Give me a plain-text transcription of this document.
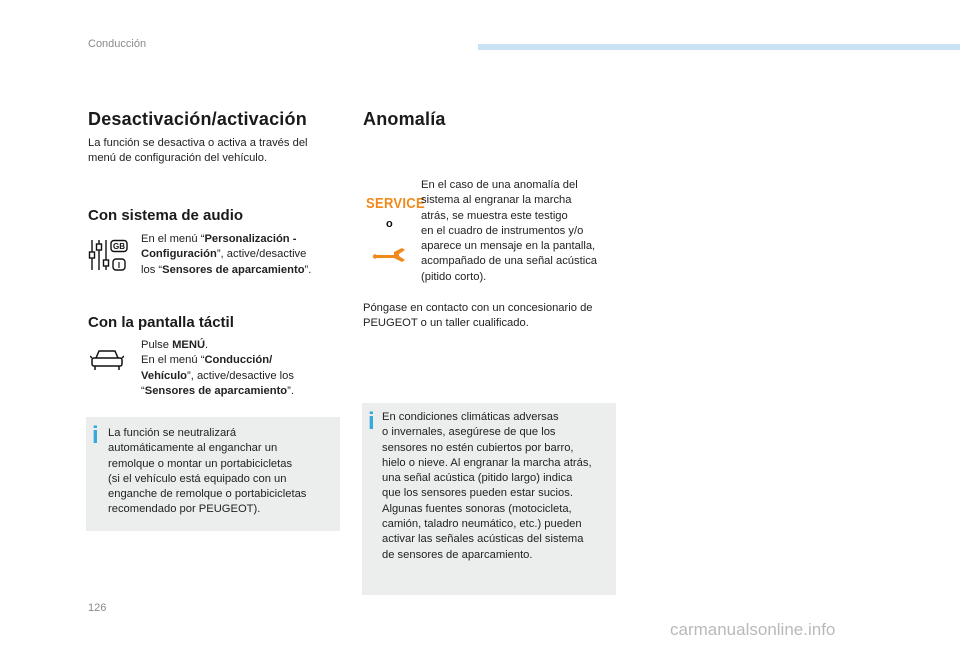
Conducción
Desactivación/activación
La función se desactiva o activa a través del
menú de configuración del vehículo.
Con sistema de audio
GB
I
En el menú “Personalización -
Configuración”, active/desactive
los “Sensores de aparcamiento”.
Con la pantalla táctil
Pulse MENÚ.
En el menú “Conducción/
Vehículo”, active/desactive los
“Sensores de aparcamiento”.
i La función se neutralizará
automáticamente al enganchar un
remolque o montar un portabicicletas
(si el vehículo está equipado con un
enganche de remolque o portabicicletas
recomendado por PEUGEOT).
Anomalía
SERVICE
o
En el caso de una anomalía del
sistema al engranar la marcha
atrás, se muestra este testigo
en el cuadro de instrumentos y/o
aparece un mensaje en la pantalla,
acompañado de una señal acústica
(pitido corto).
Póngase en contacto con un concesionario de
PEUGEOT o un taller cualificado.
i En condiciones climáticas adversas
o invernales, asegúrese de que los
sensores no estén cubiertos por barro,
hielo o nieve. Al engranar la marcha atrás,
una señal acústica (pitido largo) indica
que los sensores pueden estar sucios.
Algunas fuentes sonoras (motocicleta,
camión, taladro neumático, etc.) pueden
activar las señales acústicas del sistema
de sensores de aparcamiento.
126
carmanualsonline.info
